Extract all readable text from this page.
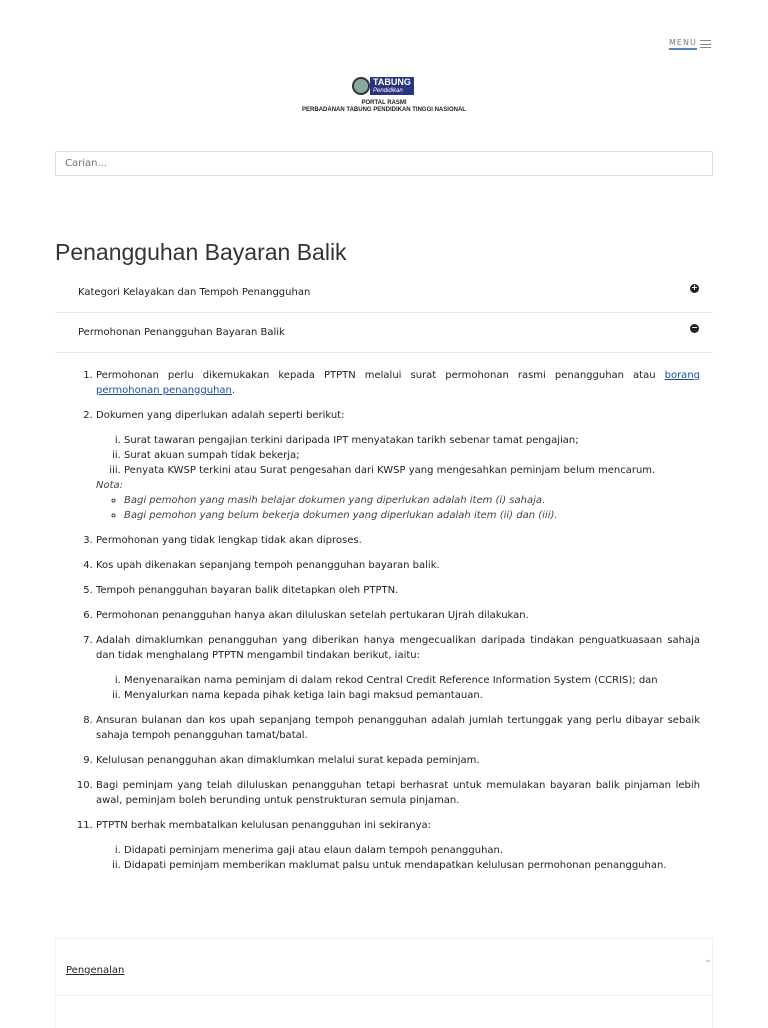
MENU
TABUNG
Pendidikan
PORTAL RASMI
PERBADANAN TABUNG PENDIDIKAN TINGGI NASIONAL
Carian...
Penangguhan Bayaran Balik
Kategori Kelayakan dan Tempoh Penangguhan	+
Permohonan Penangguhan Bayaran Balik	−
1. Permohonan perlu dikemukakan kepada PTPTN melalui surat permohonan rasmi penangguhan atau borang permohonan penangguhan.
2. Dokumen yang diperlukan adalah seperti berikut:
i. Surat tawaran pengajian terkini daripada IPT menyatakan tarikh sebenar tamat pengajian;
ii. Surat akuan sumpah tidak bekerja;
iii. Penyata KWSP terkini atau Surat pengesahan dari KWSP yang mengesahkan peminjam belum mencarum.
Nota:
◦ Bagi pemohon yang masih belajar dokumen yang diperlukan adalah item (i) sahaja.
◦ Bagi pemohon yang belum bekerja dokumen yang diperlukan adalah item (ii) dan (iii).
3. Permohonan yang tidak lengkap tidak akan diproses.
4. Kos upah dikenakan sepanjang tempoh penangguhan bayaran balik.
5. Tempoh penangguhan bayaran balik ditetapkan oleh PTPTN.
6. Permohonan penangguhan hanya akan diluluskan setelah pertukaran Ujrah dilakukan.
7. Adalah dimaklumkan penangguhan yang diberikan hanya mengecualikan daripada tindakan penguatkuasaan sahaja dan tidak menghalang PTPTN mengambil tindakan berikut, iaitu:
i. Menyenaraikan nama peminjam di dalam rekod Central Credit Reference Information System (CCRIS); dan
ii. Menyalurkan nama kepada pihak ketiga lain bagi maksud pemantauan.
8. Ansuran bulanan dan kos upah sepanjang tempoh penangguhan adalah jumlah tertunggak yang perlu dibayar sebaik sahaja tempoh penangguhan tamat/batal.
9. Kelulusan penangguhan akan dimaklumkan melalui surat kepada peminjam.
10. Bagi peminjam yang telah diluluskan penangguhan tetapi berhasrat untuk memulakan bayaran balik pinjaman lebih awal, peminjam boleh berunding untuk penstrukturan semula pinjaman.
11. PTPTN berhak membatalkan kelulusan penangguhan ini sekiranya:
i. Didapati peminjam menerima gaji atau elaun dalam tempoh penangguhan.
ii. Didapati peminjam memberikan maklumat palsu untuk mendapatkan kelulusan permohonan penangguhan.
Pengenalan
⌃
